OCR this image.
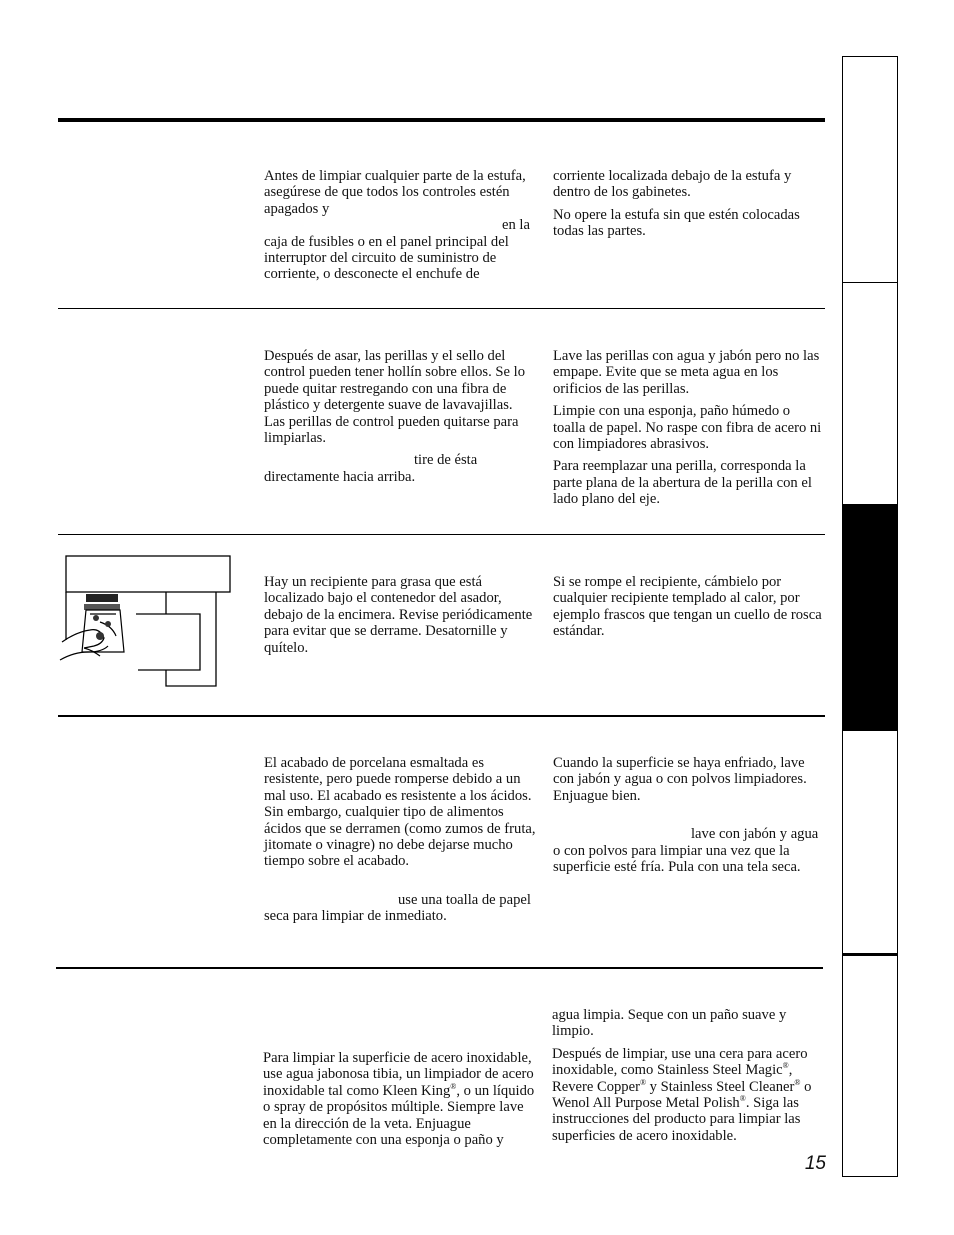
Antes de limpiar cualquier parte de la estufa, asegúrese de que todos los controles estén apagados y
en la caja de fusibles o en el panel principal del interruptor del circuito de suministro de corriente, o desconecte el enchufe de

corriente localizada debajo de la estufa y dentro de los gabinetes.

No opere la estufa sin que estén colocadas todas las partes.

Después de asar, las perillas y el sello del control pueden tener hollín sobre ellos. Se lo puede quitar restregando con una fibra de plástico y detergente suave de lavavajillas. Las perillas de control pueden quitarse para limpiarlas.

tire de ésta directamente hacia arriba.

Lave las perillas con agua y jabón pero no las empape. Evite que se meta agua en los orificios de las perillas.

Limpie con una esponja, paño húmedo o toalla de papel. No raspe con fibra de acero ni con limpiadores abrasivos.

Para reemplazar una perilla, corresponda la parte plana de la abertura de la perilla con el lado plano del eje.

Hay un recipiente para grasa que está localizado bajo el contenedor del asador, debajo de la encimera. Revise periódicamente para evitar que se derrame. Desatornille y quítelo.

Si se rompe el recipiente, cámbielo por cualquier recipiente templado al calor, por ejemplo frascos que tengan un cuello de rosca estándar.

El acabado de porcelana esmaltada es resistente, pero puede romperse debido a un mal uso. El acabado es resistente a los ácidos. Sin embargo, cualquier tipo de alimentos ácidos que se derramen (como zumos de fruta, jitomate o vinagre) no debe dejarse mucho tiempo sobre el acabado.

use una toalla de papel seca para limpiar de inmediato.

Cuando la superficie se haya enfriado, lave con jabón y agua o con polvos limpiadores. Enjuague bien.

lave con jabón y agua o con polvos para limpiar una vez que la superficie esté fría. Pula con una tela seca.

Para limpiar la superficie de acero inoxidable, use agua jabonosa tibia, un limpiador de acero inoxidable tal como Kleen King®, o un líquido o spray de propósitos múltiple. Siempre lave en la dirección de la veta. Enjuague completamente con una esponja o paño y

agua limpia. Seque con un paño suave y limpio.

Después de limpiar, use una cera para acero inoxidable, como Stainless Steel Magic®, Revere Copper® y Stainless Steel Cleaner® o Wenol All Purpose Metal Polish®. Siga las instrucciones del producto para limpiar las superficies de acero inoxidable.

15
